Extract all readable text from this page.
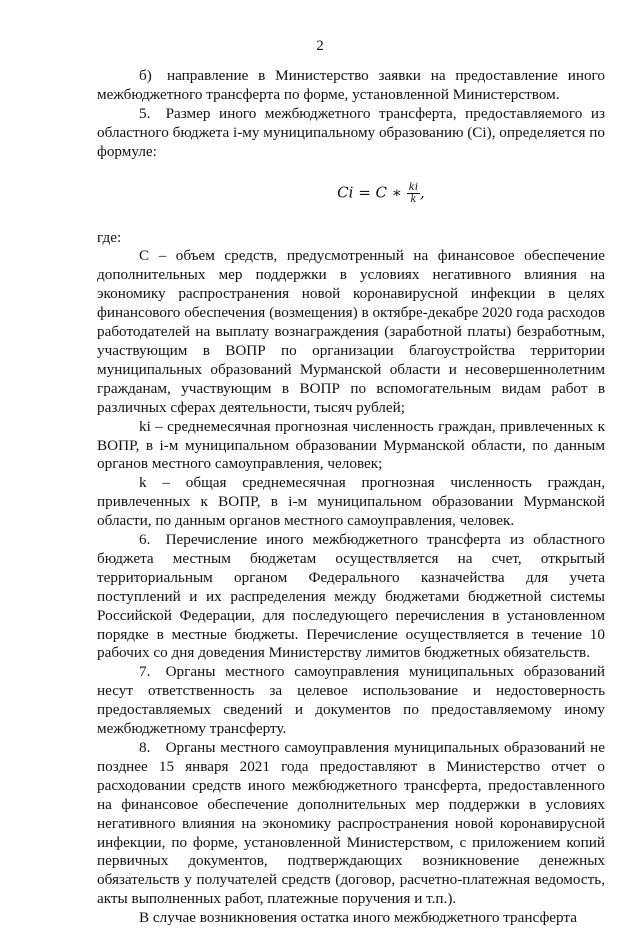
2

б) направление в Министерство заявки на предоставление иного межбюджетного трансферта по форме, установленной Министерством.

5. Размер иного межбюджетного трансферта, предоставляемого из областного бюджета i-му муниципальному образованию (Ci), определяется по формуле:

Ci = C ∗ $\frac{ki}{k}$ ,

где:

C – объем средств, предусмотренный на финансовое обеспечение дополнительных мер поддержки в условиях негативного влияния на экономику распространения новой коронавирусной инфекции в целях финансового обеспечения (возмещения) в октябре-декабре 2020 года расходов работодателей на выплату вознаграждения (заработной платы) безработным, участвующим в ВОПР по организации благоустройства территории муниципальных образований Мурманской области и несовершеннолетним гражданам, участвующим в ВОПР по вспомогательным видам работ в различных сферах деятельности, тысяч рублей;

ki – среднемесячная прогнозная численность граждан, привлеченных к ВОПР, в i-м муниципальном образовании Мурманской области, по данным органов местного самоуправления, человек;

k – общая среднемесячная прогнозная численность граждан, привлеченных к ВОПР, в i-м муниципальном образовании Мурманской области, по данным органов местного самоуправления, человек.

6. Перечисление иного межбюджетного трансферта из областного бюджета местным бюджетам осуществляется на счет, открытый территориальным органом Федерального казначейства для учета поступлений и их распределения между бюджетами бюджетной системы Российской Федерации, для последующего перечисления в установленном порядке в местные бюджеты. Перечисление осуществляется в течение 10 рабочих со дня доведения Министерству лимитов бюджетных обязательств.

7. Органы местного самоуправления муниципальных образований несут ответственность за целевое использование и недостоверность предоставляемых сведений и документов по предоставляемому иному межбюджетному трансферту.

8. Органы местного самоуправления муниципальных образований не позднее 15 января 2021 года предоставляют в Министерство отчет о расходовании средств иного межбюджетного трансферта, предоставленного на финансовое обеспечение дополнительных мер поддержки в условиях негативного влияния на экономику распространения новой коронавирусной инфекции, по форме, установленной Министерством, с приложением копий первичных документов, подтверждающих возникновение денежных обязательств у получателей средств (договор, расчетно-платежная ведомость, акты выполненных работ, платежные поручения и т.п.).

В случае возникновения остатка иного межбюджетного трансферта
